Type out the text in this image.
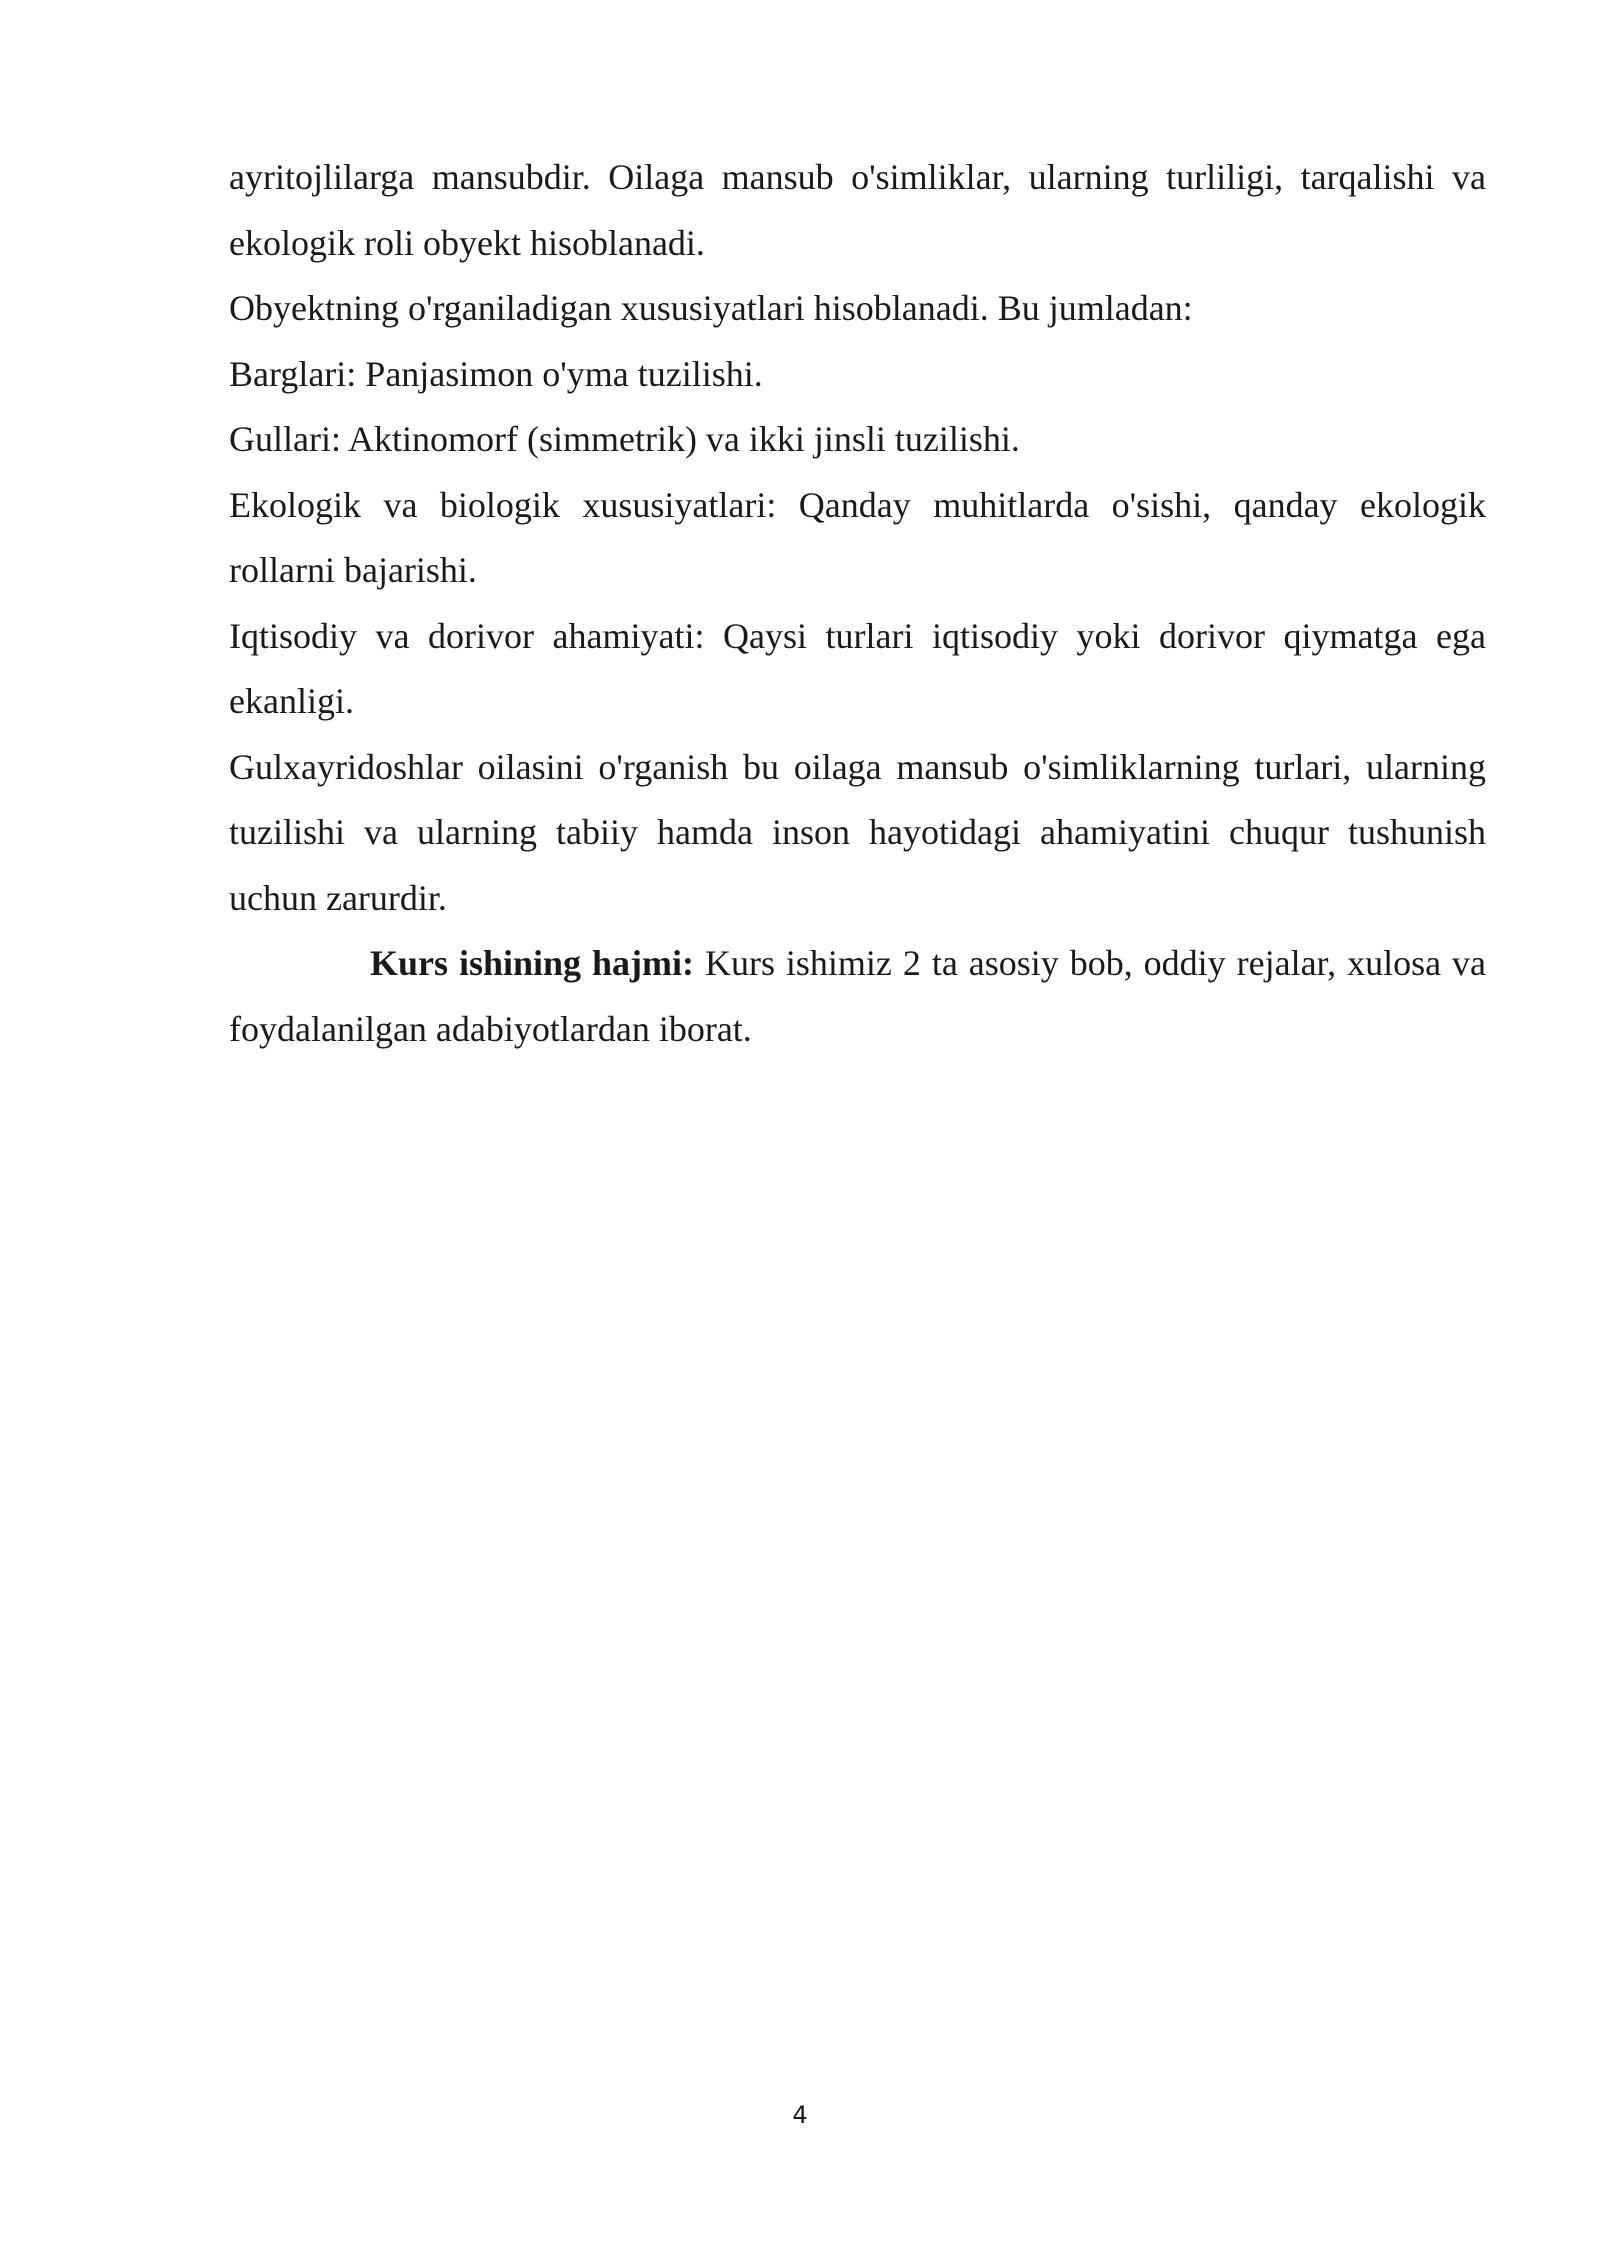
ayritojlilarga mansubdir. Oilaga mansub o'simliklar, ularning turliligi, tarqalishi va ekologik roli obyekt hisoblanadi.

Obyektning o'rganiladigan xususiyatlari hisoblanadi. Bu jumladan:

Barglari: Panjasimon o'yma tuzilishi.

Gullari: Aktinomorf (simmetrik) va ikki jinsli tuzilishi.

Ekologik va biologik xususiyatlari: Qanday muhitlarda o'sishi, qanday ekologik rollarni bajarishi.

Iqtisodiy va dorivor ahamiyati: Qaysi turlari iqtisodiy yoki dorivor qiymatga ega ekanligi.

Gulxayridoshlar oilasini o'rganish bu oilaga mansub o'simliklarning turlari, ularning tuzilishi va ularning tabiiy hamda inson hayotidagi ahamiyatini chuqur tushunish uchun zarurdir.

Kurs ishining hajmi: Kurs ishimiz 2 ta asosiy bob, oddiy rejalar, xulosa va foydalanilgan adabiyotlardan iborat.

4
